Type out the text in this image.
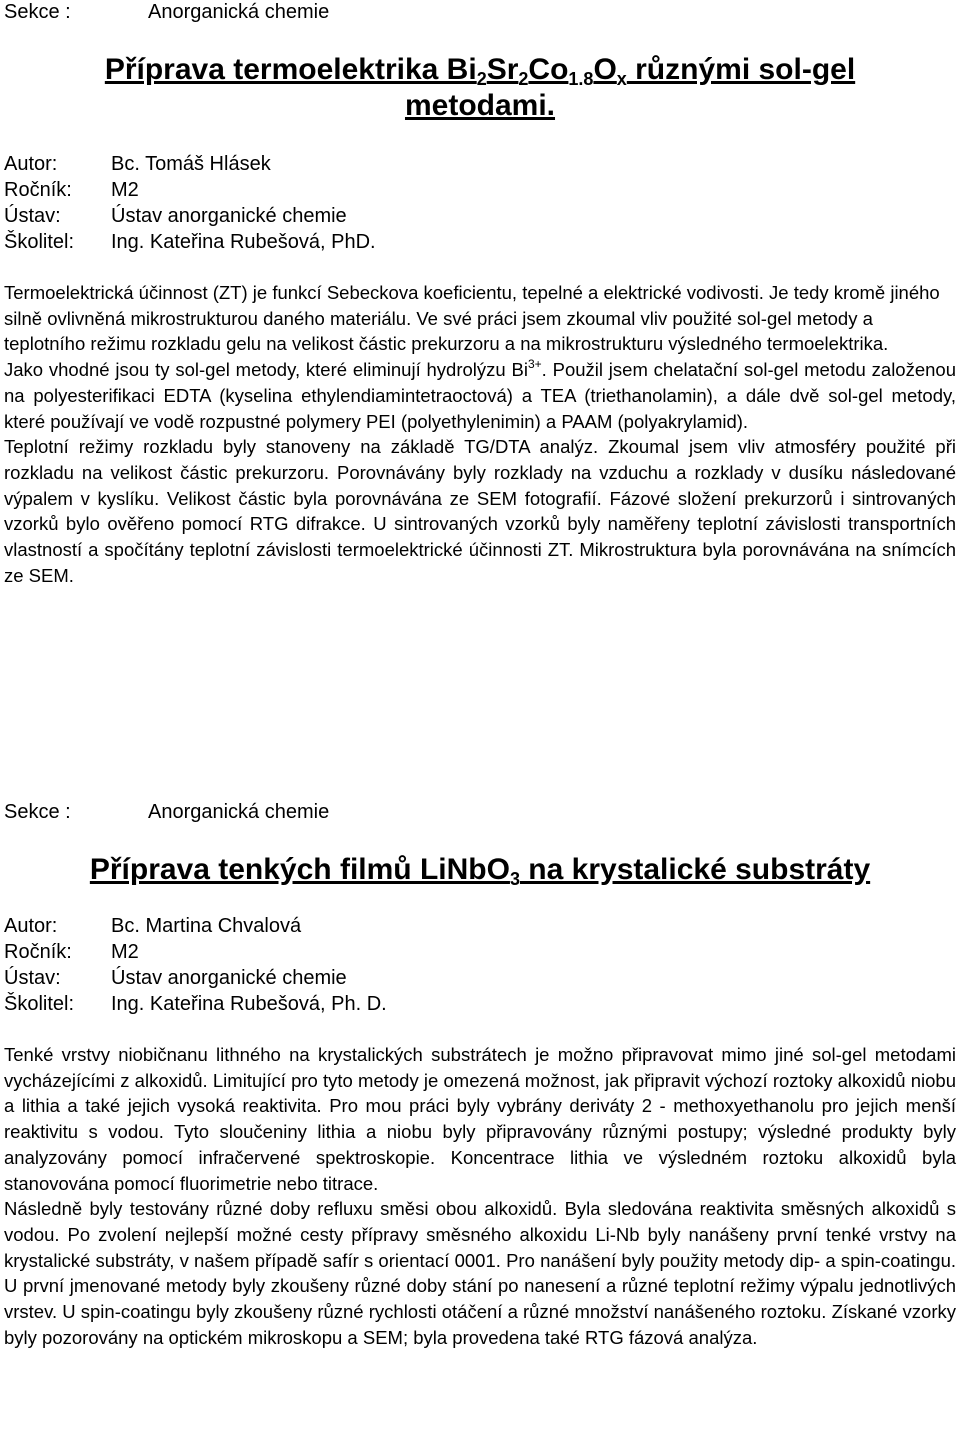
Sekce :	Anorganická chemie
Příprava termoelektrika $Bi_2Sr_2Co_{1.8}O_x$ různými sol-gel
metodami.
Autor:	Bc. Tomáš Hlásek
Ročník:	M2
Ústav:	Ústav anorganické chemie
Školitel:	Ing. Kateřina Rubešová, PhD.

Termoelektrická účinnost (ZT) je funkcí Sebeckova koeficientu, tepelné a elektrické vodivosti. Je tedy kromě jiného silně ovlivněná mikrostrukturou daného materiálu. Ve své práci jsem zkoumal vliv použité sol-gel metody a teplotního režimu rozkladu gelu na velikost částic prekurzoru a na mikrostrukturu výsledného termoelektrika.

Jako vhodné jsou ty sol-gel metody, které eliminují hydrolýzu $Bi^{3+}$. Použil jsem chelatační sol-gel metodu založenou na polyesterifikaci EDTA (kyselina ethylendiamintetraoctová) a TEA (triethanolamin), a dále dvě sol-gel metody, které používají ve vodě rozpustné polymery PEI (polyethylenimin) a PAAM (polyakrylamid).

Teplotní režimy rozkladu byly stanoveny na základě TG/DTA analýz. Zkoumal jsem vliv atmosféry použité při rozkladu na velikost částic prekurzoru. Porovnávány byly rozklady na vzduchu a rozklady v dusíku následované výpalem v kyslíku. Velikost částic byla porovnávána ze SEM fotografií. Fázové složení prekurzorů i sintrovaných vzorků bylo ověřeno pomocí RTG difrakce. U sintrovaných vzorků byly naměřeny teplotní závislosti transportních vlastností a spočítány teplotní závislosti termoelektrické účinnosti ZT. Mikrostruktura byla porovnávána na snímcích ze SEM.

Sekce :	Anorganická chemie
Příprava tenkých filmů LiNbO$_3$ na krystalické substráty
Autor:	Bc. Martina Chvalová
Ročník:	M2
Ústav:	Ústav anorganické chemie
Školitel:	Ing. Kateřina Rubešová, Ph. D.

Tenké vrstvy niobičnanu lithného na krystalických substrátech je možno připravovat mimo jiné sol-gel metodami vycházejícími z alkoxidů. Limitující pro tyto metody je omezená možnost, jak připravit výchozí roztoky alkoxidů niobu a lithia a také jejich vysoká reaktivita. Pro mou práci byly vybrány deriváty 2 - methoxyethanolu pro jejich menší reaktivitu s vodou. Tyto sloučeniny lithia a niobu byly připravovány různými postupy; výsledné produkty byly analyzovány pomocí infračervené spektroskopie. Koncentrace lithia ve výsledném roztoku alkoxidů byla stanovována pomocí fluorimetrie nebo titrace.

Následně byly testovány různé doby refluxu směsi obou alkoxidů. Byla sledována reaktivita směsných alkoxidů s vodou. Po zvolení nejlepší možné cesty přípravy směsného alkoxidu Li-Nb byly nanášeny první tenké vrstvy na krystalické substráty, v našem případě safír s orientací 0001. Pro nanášení byly použity metody dip- a spin-coatingu. U první jmenované metody byly zkoušeny různé doby stání po nanesení a různé teplotní režimy výpalu jednotlivých vrstev. U spin-coatingu byly zkoušeny různé rychlosti otáčení a různé množství nanášeného roztoku. Získané vzorky byly pozorovány na optickém mikroskopu a SEM; byla provedena také RTG fázová analýza.
